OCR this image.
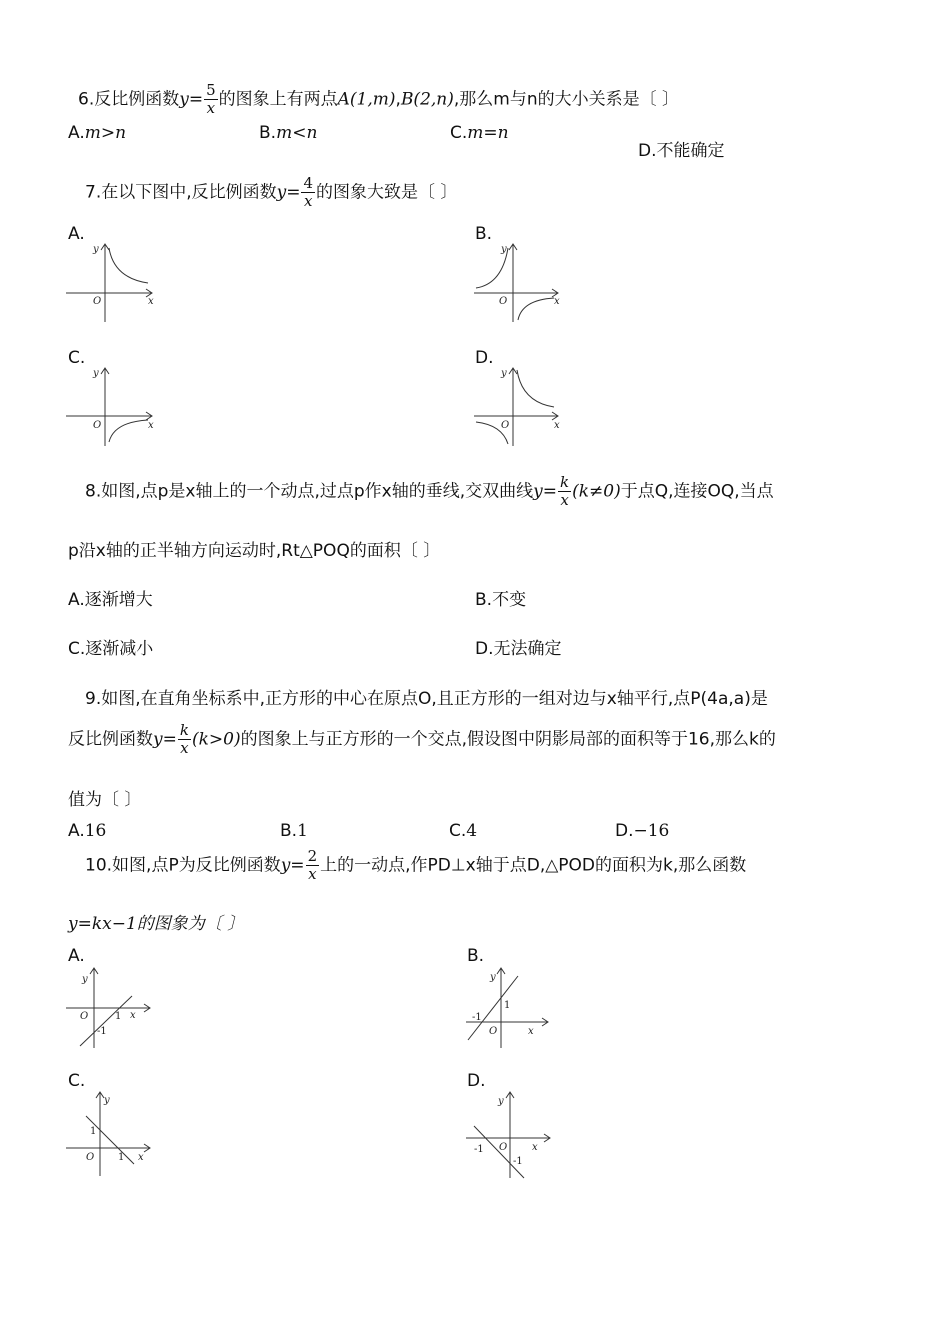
6.反比例函数$y= \frac{5}{x}$ 的图象上有两点A(1,m),B(2,n),那么m与n的大小关系是〔 〕
A.m>n	B.m<n	C.m=n
D.不能确定
7.在以下图中,反比例函数$y= \frac{4}{x}$ 的图象大致是〔 〕
A.
y
x
O
B.
y
x
O
C.
y
x
O
D.
y
x
O
8.如图,点p是x轴上的一个动点,过点p作x轴的垂线,交双曲线$y= \frac{k}{x} (k\ne 0)$于点Q,连接OQ,当点
p沿x轴的正半轴方向运动时,Rt△POQ的面积〔 〕
A.逐渐增大	B.不变
C.逐渐减小	D.无法确定
9.如图,在直角坐标系中,正方形的中心在原点O,且正方形的一组对边与x轴平行,点P(4a,a)是
反比例函数$y= \frac{k}{x} (k>0)$的图象上与正方形的一个交点,假设图中阴影局部的面积等于16,那么k的
值为〔 〕
A.16	B.1	C.4	D.−16
10.如图,点P为反比例函数$y= \frac{2}{x}$ 上的一动点,作PD⊥x轴于点D,△POD的面积为k,那么函数
y=kx−1的图象为〔 〕
A.
y
x
O	1
-1
B.
y
x
O
1
-1
C.
y
x
O
1
1
D.
y
x
O
-1
-1
